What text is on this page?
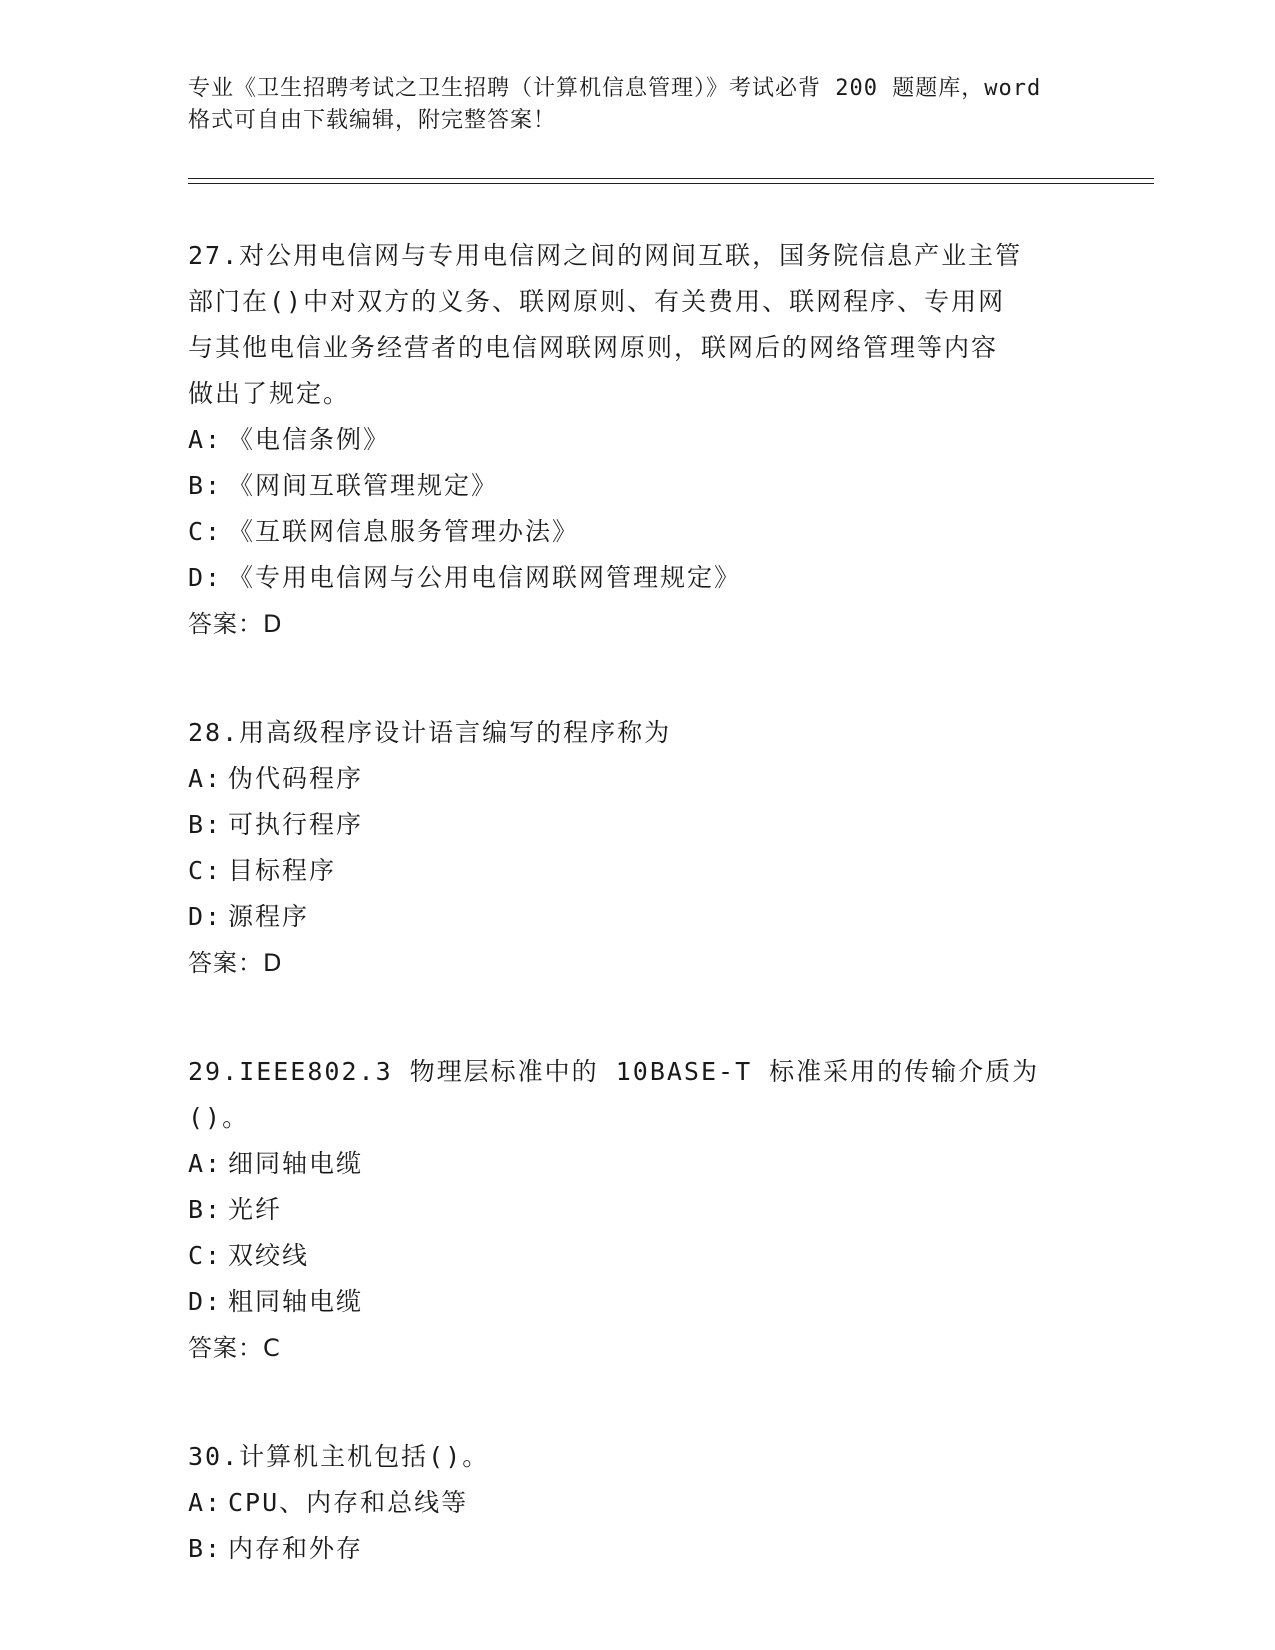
专业《卫生招聘考试之卫生招聘（计算机信息管理）》考试必背 200 题题库，word
格式可自由下载编辑，附完整答案！
27.对公用电信网与专用电信网之间的网间互联，国务院信息产业主管
部门在()中对双方的义务、联网原则、有关费用、联网程序、专用网
与其他电信业务经营者的电信网联网原则，联网后的网络管理等内容
做出了规定。
A: 《电信条例》
B: 《网间互联管理规定》
C: 《互联网信息服务管理办法》
D: 《专用电信网与公用电信网联网管理规定》
答案：D
28.用高级程序设计语言编写的程序称为
A: 伪代码程序
B: 可执行程序
C: 目标程序
D: 源程序
答案：D
29.IEEE802.3 物理层标准中的 10BASE-T 标准采用的传输介质为()。
A: 细同轴电缆
B: 光纤
C: 双绞线
D: 粗同轴电缆
答案：C
30.计算机主机包括()。
A: CPU、内存和总线等
B: 内存和外存
